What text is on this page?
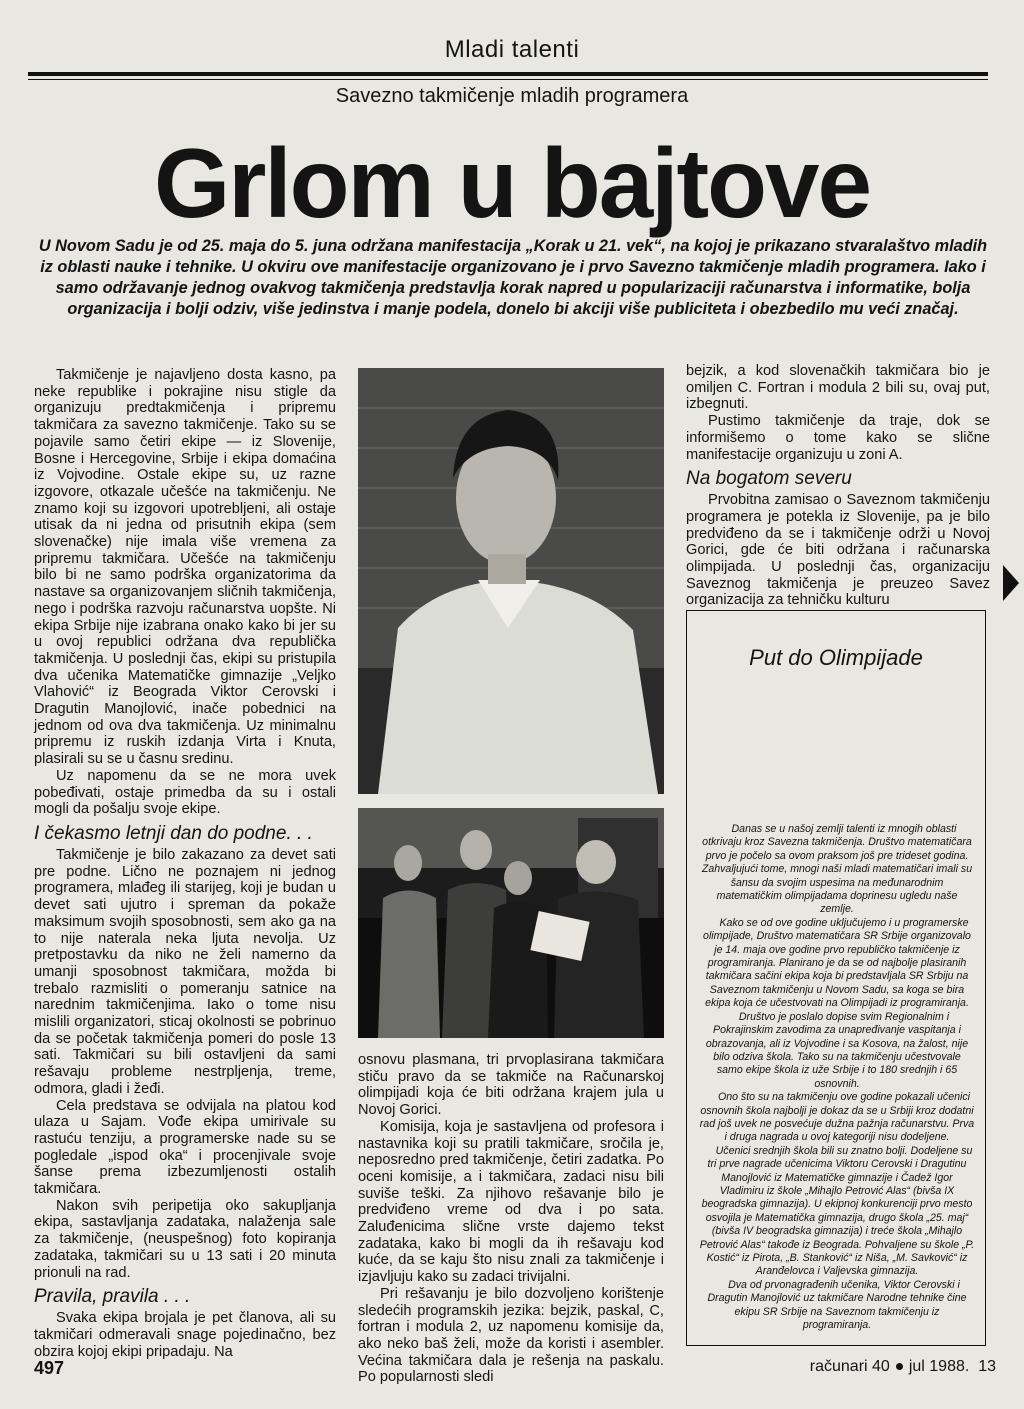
Mladi talenti
Savezno takmičenje mladih programera
Grlom u bajtove
U Novom Sadu je od 25. maja do 5. juna održana manifestacija „Korak u 21. vek“, na kojoj je prikazano stvaralaštvo mladih iz oblasti nauke i tehnike. U okviru ove manifestacije organizovano je i prvo Savezno takmičenje mladih programera. Iako i samo održavanje jednog ovakvog takmičenja predstavlja korak napred u popularizaciji računarstva i informatike, bolja organizacija i bolji odziv, više jedinstva i manje podela, donelo bi akciji više publiciteta i obezbedilo mu veći značaj.

Takmičenje je najavljeno dosta kasno, pa neke republike i pokrajine nisu stigle da organizuju predtakmičenja i pripremu takmičara za savezno takmičenje. Tako su se pojavile samo četiri ekipe — iz Slovenije, Bosne i Hercegovine, Srbije i ekipa domaćina iz Vojvodine. Ostale ekipe su, uz razne izgovore, otkazale učešće na takmičenju. Ne znamo koji su izgovori upotrebljeni, ali ostaje utisak da ni jedna od prisutnih ekipa (sem slovenačke) nije imala više vremena za pripremu takmičara. Učešće na takmičenju bilo bi ne samo podrška organizatorima da nastave sa organizovanjem sličnih takmičenja, nego i podrška razvoju računarstva uopšte. Ni ekipa Srbije nije izabrana onako kako bi jer su u ovoj republici održana dva republička takmičenja. U poslednji čas, ekipi su pristupila dva učenika Matematičke gimnazije „Veljko Vlahović“ iz Beograda Viktor Cerovski i Dragutin Manojlović, inače pobednici na jednom od ova dva takmičenja. Uz minimalnu pripremu iz ruskih izdanja Virta i Knuta, plasirali su se u časnu sredinu.

Uz napomenu da se ne mora uvek pobeđivati, ostaje primedba da su i ostali mogli da pošalju svoje ekipe.

I čekasmo letnji dan do podne. . .

Takmičenje je bilo zakazano za devet sati pre podne. Lično ne poznajem ni jednog programera, mlađeg ili starijeg, koji je budan u devet sati ujutro i spreman da pokaže maksimum svojih sposobnosti, sem ako ga na to nije naterala neka ljuta nevolja. Uz pretpostavku da niko ne želi namerno da umanji sposobnost takmičara, možda bi trebalo razmisliti o pomeranju satnice na narednim takmičenjima. Iako o tome nisu mislili organizatori, sticaj okolnosti se pobrinuo da se početak takmičenja pomeri do posle 13 sati. Takmičari su bili ostavljeni da sami rešavaju probleme nestrpljenja, treme, odmora, gladi i žeđi.

Cela predstava se odvijala na platou kod ulaza u Sajam. Vođe ekipa umirivale su rastuću tenziju, a programerske nade su se pogledale „ispod oka“ i procenjivale svoje šanse prema izbezumljenosti ostalih takmičara.

Nakon svih peripetija oko sakupljanja ekipa, sastavljanja zadataka, nalaženja sale za takmičenje, (neuspešnog) foto kopiranja zadataka, takmičari su u 13 sati i 20 minuta prionuli na rad.

Pravila, pravila . . .

Svaka ekipa brojala je pet članova, ali su takmičari odmeravali snage pojedinačno, bez obzira kojoj ekipi pripadaju. Na

osnovu plasmana, tri prvoplasirana takmičara stiču pravo da se takmiče na Računarskoj olimpijadi koja će biti održana krajem jula u Novoj Gorici.

Komisija, koja je sastavljena od profesora i nastavnika koji su pratili takmičare, sročila je, neposredno pred takmičenje, četiri zadatka. Po oceni komisije, a i takmičara, zadaci nisu bili suviše teški. Za njihovo rešavanje bilo je predviđeno vreme od dva i po sata. Zaluđenicima slične vrste dajemo tekst zadataka, kako bi mogli da ih rešavaju kod kuće, da se kaju što nisu znali za takmičenje i izjavljuju kako su zadaci trivijalni.

Pri rešavanju je bilo dozvoljeno korištenje sledećih programskih jezika: bejzik, paskal, C, fortran i modula 2, uz napomenu komisije da, ako neko baš želi, može da koristi i asembler. Većina takmičara dala je rešenja na paskalu. Po popularnosti sledi

bejzik, a kod slovenačkih takmičara bio je omiljen C. Fortran i modula 2 bili su, ovaj put, izbegnuti.

Pustimo takmičenje da traje, dok se informišemo o tome kako se slične manifestacije organizuju u zoni A.

Na bogatom severu

Prvobitna zamisao o Saveznom takmičenju programera je potekla iz Slovenije, pa je bilo predviđeno da se i takmičenje održi u Novoj Gorici, gde će biti održana i računarska olimpijada. U poslednji čas, organizaciju Saveznog takmičenja je preuzeo Savez organizacija za tehničku kulturu

Put do Olimpijade

Danas se u našoj zemlji talenti iz mnogih oblasti otkrivaju kroz Savezna takmičenja. Društvo matematičara prvo je počelo sa ovom praksom još pre trideset godina. Zahvaljujući tome, mnogi naši mladi matematičari imali su šansu da svojim uspesima na međunarodnim matematičkim olimpijadama doprinesu ugledu naše zemlje.

Kako se od ove godine uključujemo i u programerske olimpijade, Društvo matematičara SR Srbije organizovalo je 14. maja ove godine prvo republičko takmičenje iz programiranja. Planirano je da se od najbolje plasiranih takmičara sačini ekipa koja bi predstavljala SR Srbiju na Saveznom takmičenju u Novom Sadu, sa koga se bira ekipa koja će učestvovati na Olimpijadi iz programiranja.

Društvo je poslalo dopise svim Regionalnim i Pokrajinskim zavodima za unapređivanje vaspitanja i obrazovanja, ali iz Vojvodine i sa Kosova, na žalost, nije bilo odziva škola. Tako su na takmičenju učestvovale samo ekipe škola iz uže Srbije i to 180 srednjih i 65 osnovnih.

Ono što su na takmičenju ove godine pokazali učenici osnovnih škola najbolji je dokaz da se u Srbiji kroz dodatni rad još uvek ne posvećuje dužna pažnja računarstvu. Prva i druga nagrada u ovoj kategoriji nisu dodeljene.

Učenici srednjih škola bili su znatno bolji. Dodeljene su tri prve nagrade učenicima Viktoru Cerovski i Dragutinu Manojlović iz Matematičke gimnazije i Čadež Igor Vladimiru iz škole „Mihajlo Petrović Alas“ (bivša IX beogradska gimnazija). U ekipnoj konkurenciji prvo mesto osvojila je Matematička gimnazija, drugo škola „25. maj“ (bivša IV beogradska gimnazija) i treće škola „Mihajlo Petrović Alas“ takođe iz Beograda. Pohvaljene su škole „P. Kostić“ iz Pirota, „B. Stanković“ iz Niša, „M. Savković“ iz Aranđelovca i Valjevska gimnazija.

Dva od prvonagrađenih učenika, Viktor Cerovski i Dragutin Manojlović uz takmičare Narodne tehnike čine ekipu SR Srbije na Saveznom takmičenju iz programiranja.

497	računari 40 jul 1988. 13
